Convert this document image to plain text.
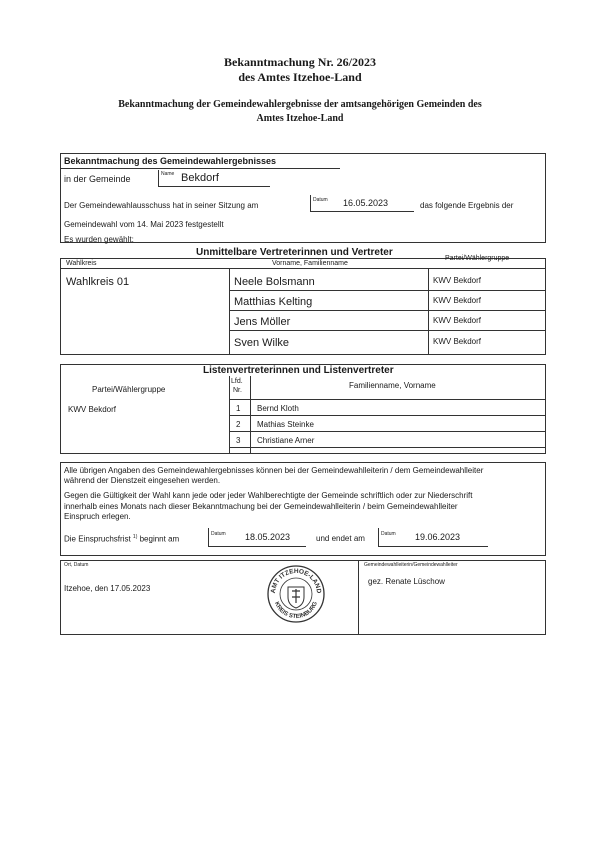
Bekanntmachung Nr. 26/2023
des Amtes Itzehoe-Land
Bekanntmachung der Gemeindewahlergebnisse der amtsangehörigen Gemeinden des
Amtes Itzehoe-Land
Bekanntmachung des Gemeindewahlergebnisses
in der Gemeinde	Name Bekdorf
Der Gemeindewahlausschuss hat in seiner Sitzung am
Datum 16.05.2023	das folgende Ergebnis der
Gemeindewahl vom 14. Mai 2023 festgestellt
Es wurden gewählt:
Unmittelbare Vertreterinnen und Vertreter
Wahlkreis	Vorname, Familienname
Partei/Wählergruppe
Wahlkreis 01	Neele Bolsmann	KWV Bekdorf
Matthias Kelting	KWV Bekdorf
Jens Möller	KWV Bekdorf
Sven Wilke	KWV Bekdorf
Listenvertreterinnen und Listenvertreter
Partei/Wählergruppe
Lfd.
Nr.
Familienname, Vorname
KWV Bekdorf	1 Bernd Kloth
2 Mathias Steinke
3 Christiane Arner
Alle übrigen Angaben des Gemeindewahlergebnisses können bei der Gemeindewahlleiterin / dem Gemeindewahlleiter
während der Dienstzeit eingesehen werden.
Gegen die Gültigkeit der Wahl kann jede oder jeder Wahlberechtigte der Gemeinde schriftlich oder zur Niederschrift
innerhalb eines Monats nach dieser Bekanntmachung bei der Gemeindewahlleiterin / beim Gemeindewahlleiter
Einspruch erlegen.
Die Einspruchsfrist $^{1)}$ beginnt am
Datum 18.05.2023	und endet am	Datum 19.06.2023
Ort, Datum
Itzehoe, den 17.05.2023
Gemeindewahlleiterin/Gemeindewahlleiter
gez. Renate Lüschow
AMT ITZEHOE-LAND
KREIS STEINBURG
